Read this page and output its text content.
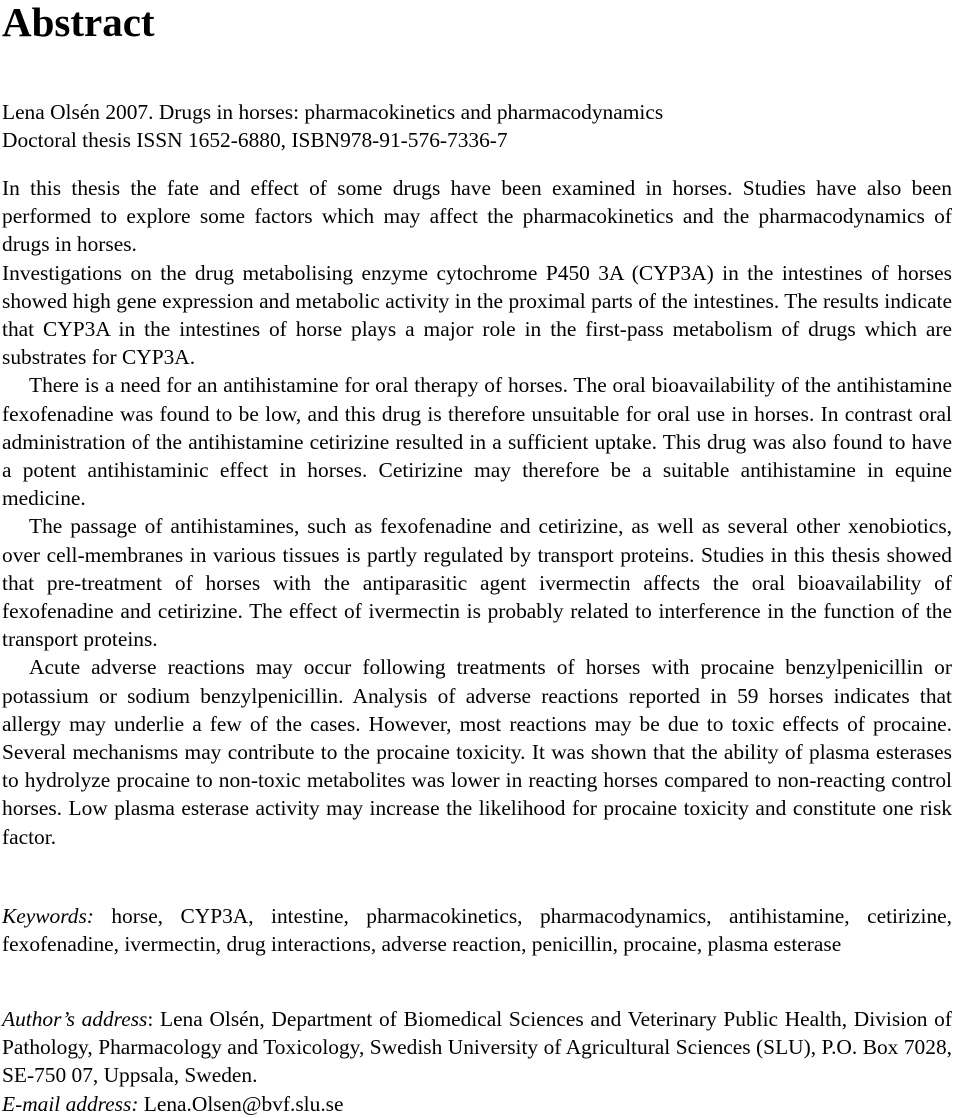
Abstract
Lena Olsén 2007. Drugs in horses: pharmacokinetics and pharmacodynamics
Doctoral thesis ISSN 1652-6880, ISBN978-91-576-7336-7

In this thesis the fate and effect of some drugs have been examined in horses. Studies have also been performed to explore some factors which may affect the pharmacokinetics and the pharmacodynamics of drugs in horses.

Investigations on the drug metabolising enzyme cytochrome P450 3A (CYP3A) in the intestines of horses showed high gene expression and metabolic activity in the proximal parts of the intestines. The results indicate that CYP3A in the intestines of horse plays a major role in the first-pass metabolism of drugs which are substrates for CYP3A.

There is a need for an antihistamine for oral therapy of horses. The oral bioavailability of the antihistamine fexofenadine was found to be low, and this drug is therefore unsuitable for oral use in horses. In contrast oral administration of the antihistamine cetirizine resulted in a sufficient uptake. This drug was also found to have a potent antihistaminic effect in horses. Cetirizine may therefore be a suitable antihistamine in equine medicine.

The passage of antihistamines, such as fexofenadine and cetirizine, as well as several other xenobiotics, over cell-membranes in various tissues is partly regulated by transport proteins. Studies in this thesis showed that pre-treatment of horses with the antiparasitic agent ivermectin affects the oral bioavailability of fexofenadine and cetirizine. The effect of ivermectin is probably related to interference in the function of the transport proteins.

Acute adverse reactions may occur following treatments of horses with procaine benzylpenicillin or potassium or sodium benzylpenicillin. Analysis of adverse reactions reported in 59 horses indicates that allergy may underlie a few of the cases. However, most reactions may be due to toxic effects of procaine. Several mechanisms may contribute to the procaine toxicity. It was shown that the ability of plasma esterases to hydrolyze procaine to non-toxic metabolites was lower in reacting horses compared to non-reacting control horses. Low plasma esterase activity may increase the likelihood for procaine toxicity and constitute one risk factor.

Keywords: horse, CYP3A, intestine, pharmacokinetics, pharmacodynamics, antihistamine, cetirizine, fexofenadine, ivermectin, drug interactions, adverse reaction, penicillin, procaine, plasma esterase

Author’s address: Lena Olsén, Department of Biomedical Sciences and Veterinary Public Health, Division of Pathology, Pharmacology and Toxicology, Swedish University of Agricultural Sciences (SLU), P.O. Box 7028, SE-750 07, Uppsala, Sweden.

E-mail address: Lena.Olsen@bvf.slu.se
